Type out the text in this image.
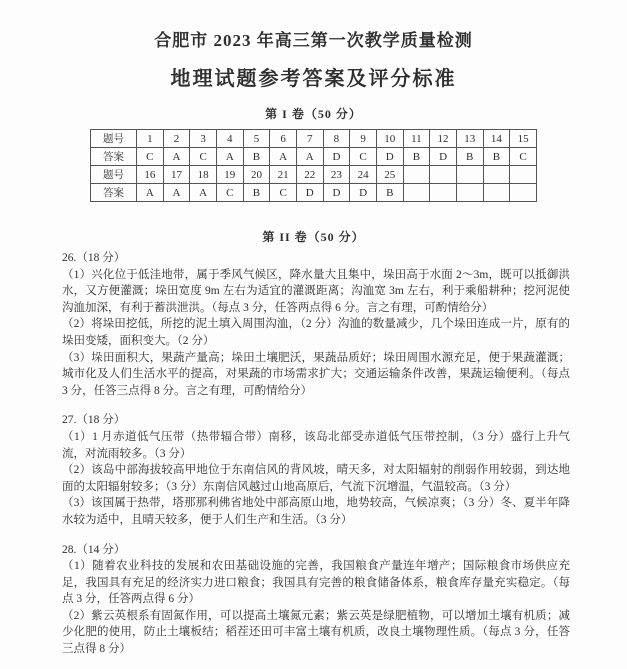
合肥市 2023 年高三第一次教学质量检测
地理试题参考答案及评分标准
第 I 卷（50 分）
题号	1	2	3	4	5	6	7	8	9	10	11	12	13	14	15
答案	C	A	C	A	B	A	A	D	C	D	B	D	B	B	C
题号	16	17	18	19	20	21	22	23	24	25					
答案	A	A	A	C	B	C	D	D	D	B					
第 II 卷（50 分）

26.（18 分）

（1）兴化位于低洼地带，属于季风气候区，降水量大且集中，垛田高于水面 2～3m，既可以抵御洪水，又方便灌溉；垛田宽度 9m 左右为适宜的灌溉距离；沟洫宽 3m 左右，利于乘船耕种；挖河泥使沟洫加深，有利于蓄洪泄洪。（每点 3 分，任答两点得 6 分。言之有理，可酌情给分）

（2）将垛田挖低，所挖的泥土填入周围沟洫，（2 分）沟洫的数量减少，几个垛田连成一片，原有的垛田变矮，面积变大。（2 分）

（3）垛田面积大，果蔬产量高；垛田土壤肥沃，果蔬品质好；垛田周围水源充足，便于果蔬灌溉；城市化及人们生活水平的提高，对果蔬的市场需求扩大；交通运输条件改善，果蔬运输便利。（每点 3 分，任答三点得 8 分。言之有理，可酌情给分）

27.（18 分）

（1）1 月赤道低气压带（热带辐合带）南移，该岛北部受赤道低气压带控制，（3 分）盛行上升气流，对流雨较多。（3 分）

（2）该岛中部海拔较高甲地位于东南信风的背风坡，晴天多，对太阳辐射的削弱作用较弱，到达地面的太阳辐射较多；（3 分）东南信风越过山地高原后，气流下沉增温，气温较高。（3 分）

（3）该国属于热带，塔那那利佛省地处中部高原山地，地势较高，气候凉爽；（3 分）冬、夏半年降水较为适中，且晴天较多，便于人们生产和生活。（3 分）

28.（14 分）

（1）随着农业科技的发展和农田基础设施的完善，我国粮食产量连年增产；国际粮食市场供应充足，我国具有充足的经济实力进口粮食；我国具有完善的粮食储备体系，粮食库存量充实稳定。（每点 3 分，任答两点得 6 分）

（2）紫云英根系有固氮作用，可以提高土壤氮元素；紫云英是绿肥植物，可以增加土壤有机质；减少化肥的使用，防止土壤板结；稻茬还田可丰富土壤有机质，改良土壤物理性质。（每点 3 分，任答三点得 8 分）
